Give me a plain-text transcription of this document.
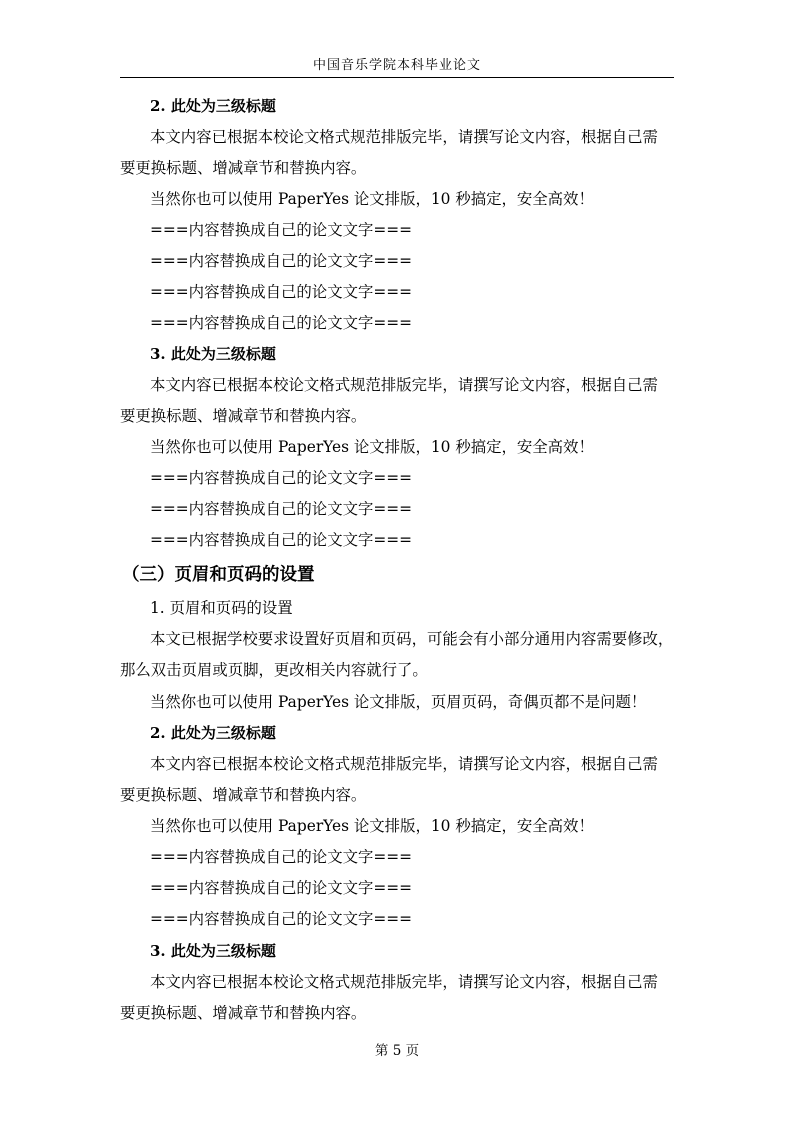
中国音乐学院本科毕业论文
2. 此处为三级标题
本文内容已根据本校论文格式规范排版完毕，请撰写论文内容，根据自己需
要更换标题、增减章节和替换内容。
当然你也可以使用 PaperYes 论文排版，10 秒搞定，安全高效！
===内容替换成自己的论文文字===
===内容替换成自己的论文文字===
===内容替换成自己的论文文字===
===内容替换成自己的论文文字===
3. 此处为三级标题
本文内容已根据本校论文格式规范排版完毕，请撰写论文内容，根据自己需
要更换标题、增减章节和替换内容。
当然你也可以使用 PaperYes 论文排版，10 秒搞定，安全高效！
===内容替换成自己的论文文字===
===内容替换成自己的论文文字===
===内容替换成自己的论文文字===
（三）页眉和页码的设置
1. 页眉和页码的设置
本文已根据学校要求设置好页眉和页码，可能会有小部分通用内容需要修改，
那么双击页眉或页脚，更改相关内容就行了。
当然你也可以使用 PaperYes 论文排版，页眉页码，奇偶页都不是问题！
2. 此处为三级标题
本文内容已根据本校论文格式规范排版完毕，请撰写论文内容，根据自己需
要更换标题、增减章节和替换内容。
当然你也可以使用 PaperYes 论文排版，10 秒搞定，安全高效！
===内容替换成自己的论文文字===
===内容替换成自己的论文文字===
===内容替换成自己的论文文字===
3. 此处为三级标题
本文内容已根据本校论文格式规范排版完毕，请撰写论文内容，根据自己需
要更换标题、增减章节和替换内容。
第 5 页
